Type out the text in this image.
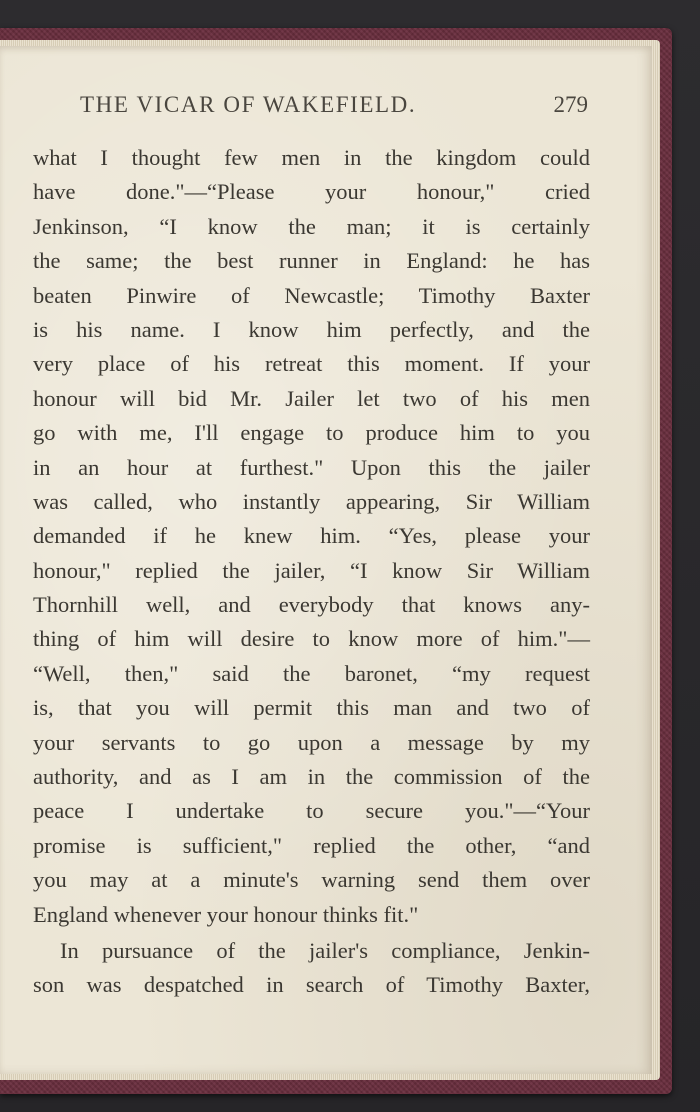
THE VICAR OF WAKEFIELD.	279
what I thought few men in the kingdom could
have done."—“Please your honour," cried
Jenkinson, “I know the man; it is certainly
the same; the best runner in England: he has
beaten Pinwire of Newcastle; Timothy Baxter
is his name. I know him perfectly, and the
very place of his retreat this moment. If your
honour will bid Mr. Jailer let two of his men
go with me, I'll engage to produce him to you
in an hour at furthest." Upon this the jailer
was called, who instantly appearing, Sir William
demanded if he knew him. “Yes, please your
honour," replied the jailer, “I know Sir William
Thornhill well, and everybody that knows any-
thing of him will desire to know more of him."—
“Well, then," said the baronet, “my request
is, that you will permit this man and two of
your servants to go upon a message by my
authority, and as I am in the commission of the
peace I undertake to secure you."—“Your
promise is sufficient," replied the other, “and
you may at a minute's warning send them over
England whenever your honour thinks fit."
In pursuance of the jailer's compliance, Jenkin-
son was despatched in search of Timothy Baxter,
